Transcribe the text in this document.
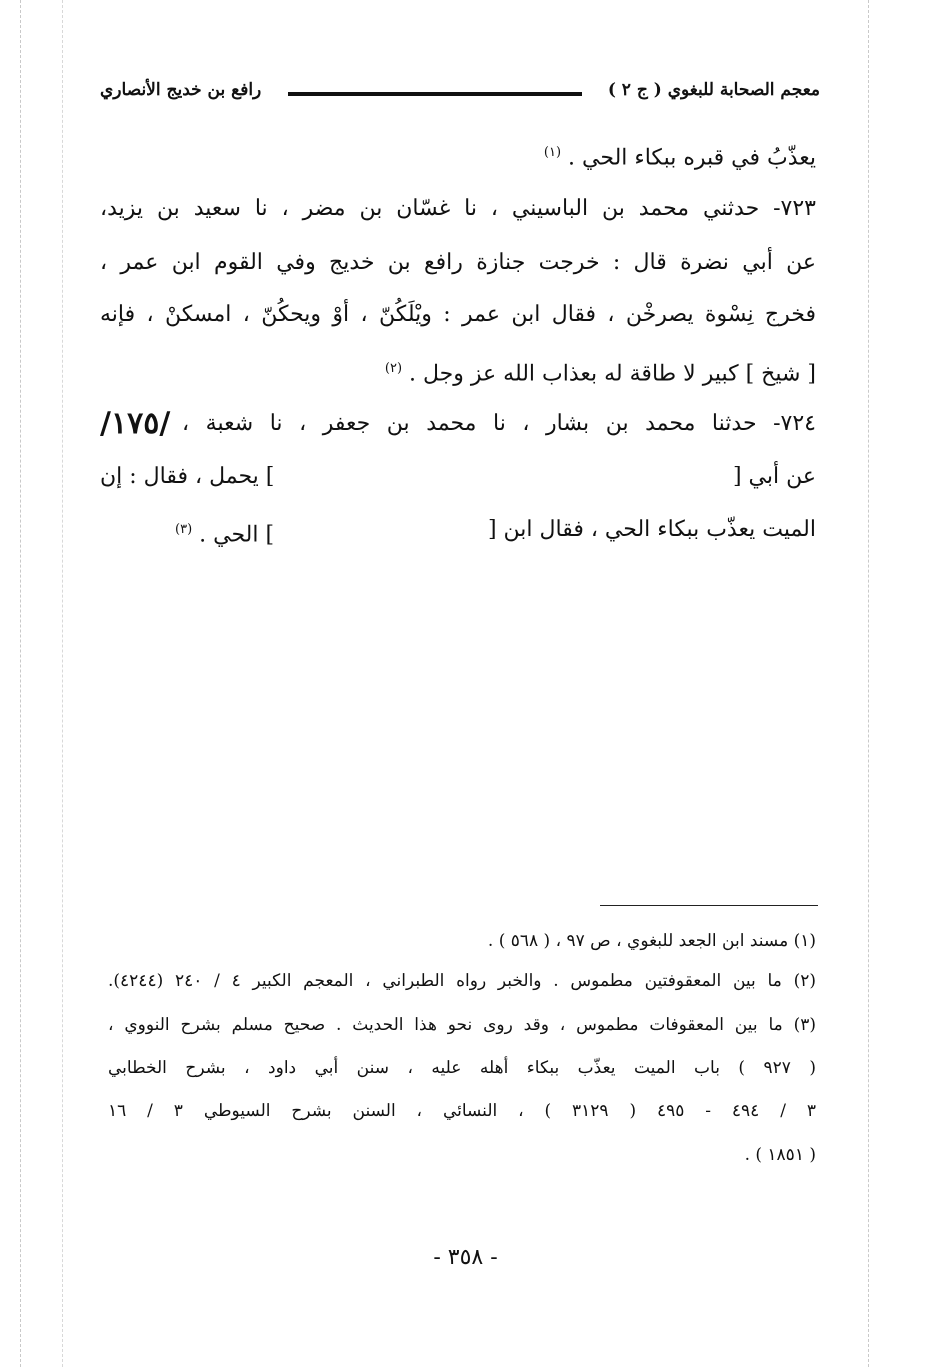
معجم الصحابة للبغوي ( ج ٢ )
رافع بن خديج الأنصاري
يعذّبُ في قبره ببكاء الحي . $^{(١)}$
٧٢٣- حدثني محمد بن الباسيني ، نا غسّان بن مضر ، نا سعيد بن يزيد،
عن أبي نضرة قال : خرجت جنازة رافع بن خديج وفي القوم ابن عمر ،
فخرج نِسْوة يصرخْن ، فقال ابن عمر : ويْلَكُنّ ، أوْ ويحكُنّ ، امسكنْ ، فإنه
[ شيخ ] كبير لا طاقة له بعذاب الله عز وجل . $^{(٢)}$
٧٢٤- حدثنا محمد بن بشار ، نا محمد بن جعفر ، نا شعبة ،
/١٧٥/
عن أبي [
] يحمل ، فقال : إن
الميت يعذّب ببكاء الحي ، فقال ابن [
] الحي . $^{(٣)}$
(١) مسند ابن الجعد للبغوي ، ص ٩٧ ، ( ٥٦٨ ) .
(٢) ما بين المعقوفتين مطموس . والخبر رواه الطبراني ، المعجم الكبير ٤ / ٢٤٠ (٤٢٤٤).
(٣) ما بين المعقوفات مطموس ، وقد روى نحو هذا الحديث . صحيح مسلم بشرح النووي ،
( ٩٢٧ ) باب الميت يعذّب ببكاء أهله عليه ، سنن أبي داود ، بشرح الخطابي
٣ / ٤٩٤ - ٤٩٥ ( ٣١٢٩ ) ، النسائي ، السنن بشرح السيوطي ٣ / ١٦
( ١٨٥١ ) .
- ٣٥٨ -
